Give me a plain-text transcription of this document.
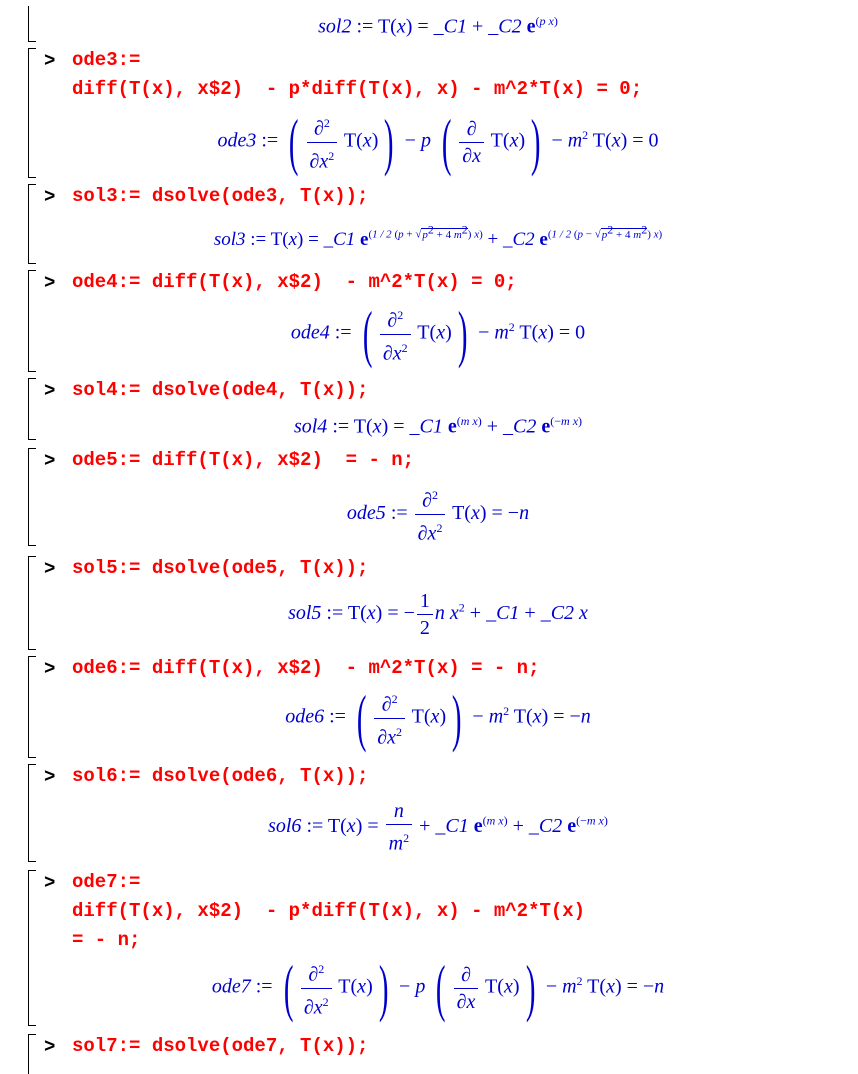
sol2 := T(x) = _C1 + _C2 $e^{(p x)}$
> ode3:=
diff(T(x), x$2)  - p*diff(T(x), x) - m^2*T(x) = 0;
ode3 := ( $\frac{\partial^2}{\partial x^2} T(x)) - p$ ( $\frac{\partial}{\partial x} T(x)) - m^2$ T(x) = 0
> sol3:= dsolve(ode3, T(x));
sol3 := T(x) = _C1 $e^{(1 / 2 (p + √p^2 + 4 m^2) x)}$ + _C2 $e^{(1 / 2 (p - √p^2 + 4 m^2) x)}$
> ode4:= diff(T(x), x$2)  - m^2*T(x) = 0;
ode4 := ( $\frac{\partial^2}{\partial x^2} T(x)) - m^2$ T(x) = 0
> sol4:= dsolve(ode4, T(x));
sol4 := T(x) = _C1 $e^{(m x)}$ + _C2 $e^{(-m x)}$
> ode5:= diff(T(x), x$2)  = - n;
ode5 := $\frac{\partial^2}{\partial x^2} T(x) = -n$
> sol5:= dsolve(ode5, T(x));
sol5 := T(x) = − $\frac{1}{2}$ n $x^2$ + _C1 + _C2 x
> ode6:= diff(T(x), x$2)  - m^2*T(x) = - n;
ode6 := ( $\frac{\partial^2}{\partial x^2} T(x)) - m^2$ T(x) = −n
> sol6:= dsolve(ode6, T(x));
sol6 := $T(x) = \frac{n}{m^2}$ + _C1 $e^{(m x)}$ + _C2 $e^{(-m x)}$
> ode7:=
diff(T(x), x$2)  - p*diff(T(x), x) - m^2*T(x)
= - n;
ode7 := ( $\frac{\partial^2}{\partial x^2} T(x)) - p$ ( $\frac{\partial}{\partial x} T(x)) - m^2$ T(x) = −n
> sol7:= dsolve(ode7, T(x));
